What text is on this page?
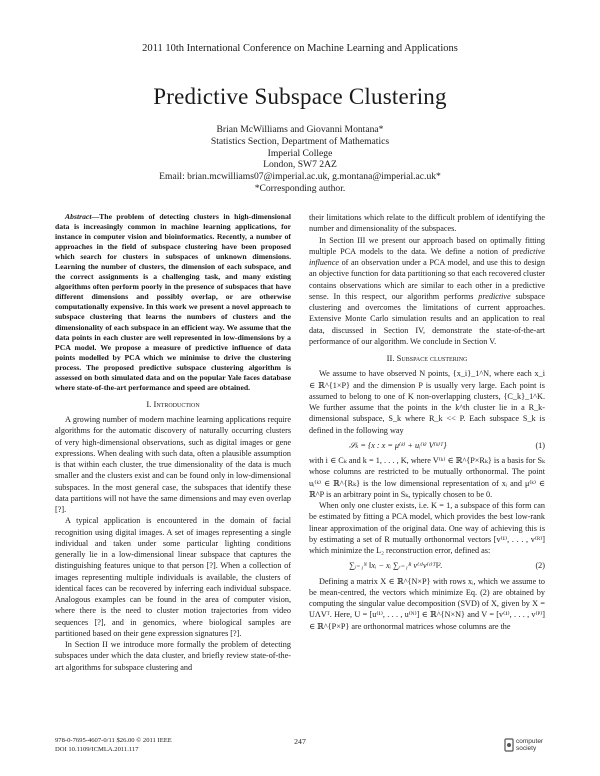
2011 10th International Conference on Machine Learning and Applications
Predictive Subspace Clustering
Brian McWilliams and Giovanni Montana*
Statistics Section, Department of Mathematics
Imperial College
London, SW7 2AZ
Email: brian.mcwilliams07@imperial.ac.uk, g.montana@imperial.ac.uk*
*Corresponding author.

Abstract—The problem of detecting clusters in high-dimensional data is increasingly common in machine learning applications, for instance in computer vision and bioinformatics. Recently, a number of approaches in the field of subspace clustering have been proposed which search for clusters in subspaces of unknown dimensions. Learning the number of clusters, the dimension of each subspace, and the correct assignments is a challenging task, and many existing algorithms often perform poorly in the presence of subspaces that have different dimensions and possibly overlap, or are otherwise computationally expensive. In this work we present a novel approach to subspace clustering that learns the numbers of clusters and the dimensionality of each subspace in an efficient way. We assume that the data points in each cluster are well represented in low-dimensions by a PCA model. We propose a measure of predictive influence of data points modelled by PCA which we minimise to drive the clustering process. The proposed predictive subspace clustering algorithm is assessed on both simulated data and on the popular Yale faces database where state-of-the-art performance and speed are obtained.

I. Introduction

A growing number of modern machine learning applications require algorithms for the automatic discovery of naturally occurring clusters of very high-dimensional observations, such as digital images or gene expressions. When dealing with such data, often a plausible assumption is that within each cluster, the true dimensionality of the data is much smaller and the clusters exist and can be found only in low-dimensional subspaces. In the most general case, the subspaces that identify these data partitions will not have the same dimensions and may even overlap [?].

A typical application is encountered in the domain of facial recognition using digital images. A set of images representing a single individual and taken under some particular lighting conditions generally lie in a low-dimensional linear subspace that captures the distinguishing features unique to that person [?]. When a collection of images representing multiple individuals is available, the clusters of identical faces can be recovered by inferring each individual subspace. Analogous examples can be found in the area of computer vision, where there is the need to cluster motion trajectories from video sequences [?], and in genomics, where biological samples are partitioned based on their gene expression signatures [?].

In Section II we introduce more formally the problem of detecting subspaces under which the data cluster, and briefly review state-of-the-art algorithms for subspace clustering and

their limitations which relate to the difficult problem of identifying the number and dimensionality of the subspaces.

In Section III we present our approach based on optimally fitting multiple PCA models to the data. We define a notion of predictive influence of an observation under a PCA model, and use this to design an objective function for data partitioning so that each recovered cluster contains observations which are similar to each other in a predictive sense. In this respect, our algorithm performs predictive subspace clustering and overcomes the limitations of current approaches. Extensive Monte Carlo simulation results and an application to real data, discussed in Section IV, demonstrate the state-of-the-art performance of our algorithm. We conclude in Section V.

II. Subspace clustering

We assume to have observed N points, {x_i}_1^N, where each x_i ∈ ℝ^{1×P} and the dimension P is usually very large. Each point is assumed to belong to one of K non-overlapping clusters, {C_k}_1^K. We further assume that the points in the k^th cluster lie in a R_k-dimensional subspace, S_k where R_k << P. Each subspace S_k is defined in the following way

𝒮ₖ = {x : x = μ⁽ᵏ⁾ + uᵢ⁽ᵏ⁾ V⁽ᵏ⁾ᵀ}	(1)

with i ∈ Cₖ and k = 1, . . . , K, where V⁽ᵏ⁾ ∈ ℝ^{P×Rₖ} is a basis for Sₖ whose columns are restricted to be mutually orthonormal. The point uᵢ⁽ᵏ⁾ ∈ ℝ^{Rₖ} is the low dimensional representation of xᵢ and μ⁽ᵏ⁾ ∈ ℝ^P is an arbitrary point in Sₖ, typically chosen to be 0.

When only one cluster exists, i.e. K = 1, a subspace of this form can be estimated by fitting a PCA model, which provides the best low-rank linear approximation of the original data. One way of achieving this is by estimating a set of R mutually orthonormal vectors [v⁽¹⁾, . . . , v⁽ᴿ⁾] which minimize the L₂ reconstruction error, defined as:

∑ᵢ₌₁ᴺ ‖xᵢ − xᵢ ∑ᵣ₌₁ᴿ v⁽ʳ⁾v⁽ʳ⁾ᵀ‖².	(2)

Defining a matrix X ∈ ℝ^{N×P} with rows xᵢ, which we assume to be mean-centred, the vectors which minimize Eq. (2) are obtained by computing the singular value decomposition (SVD) of X, given by X = UΛVᵀ. Here, U = [u⁽¹⁾, . . . , u⁽ᴺ⁾] ∈ ℝ^{N×N} and V = [v⁽¹⁾, . . . , v⁽ᴾ⁾] ∈ ℝ^{P×P} are orthonormal matrices whose columns are the

978-0-7695-4607-0/11 $26.00 © 2011 IEEE
DOI 10.1109/ICMLA.2011.117
247	computer
society
